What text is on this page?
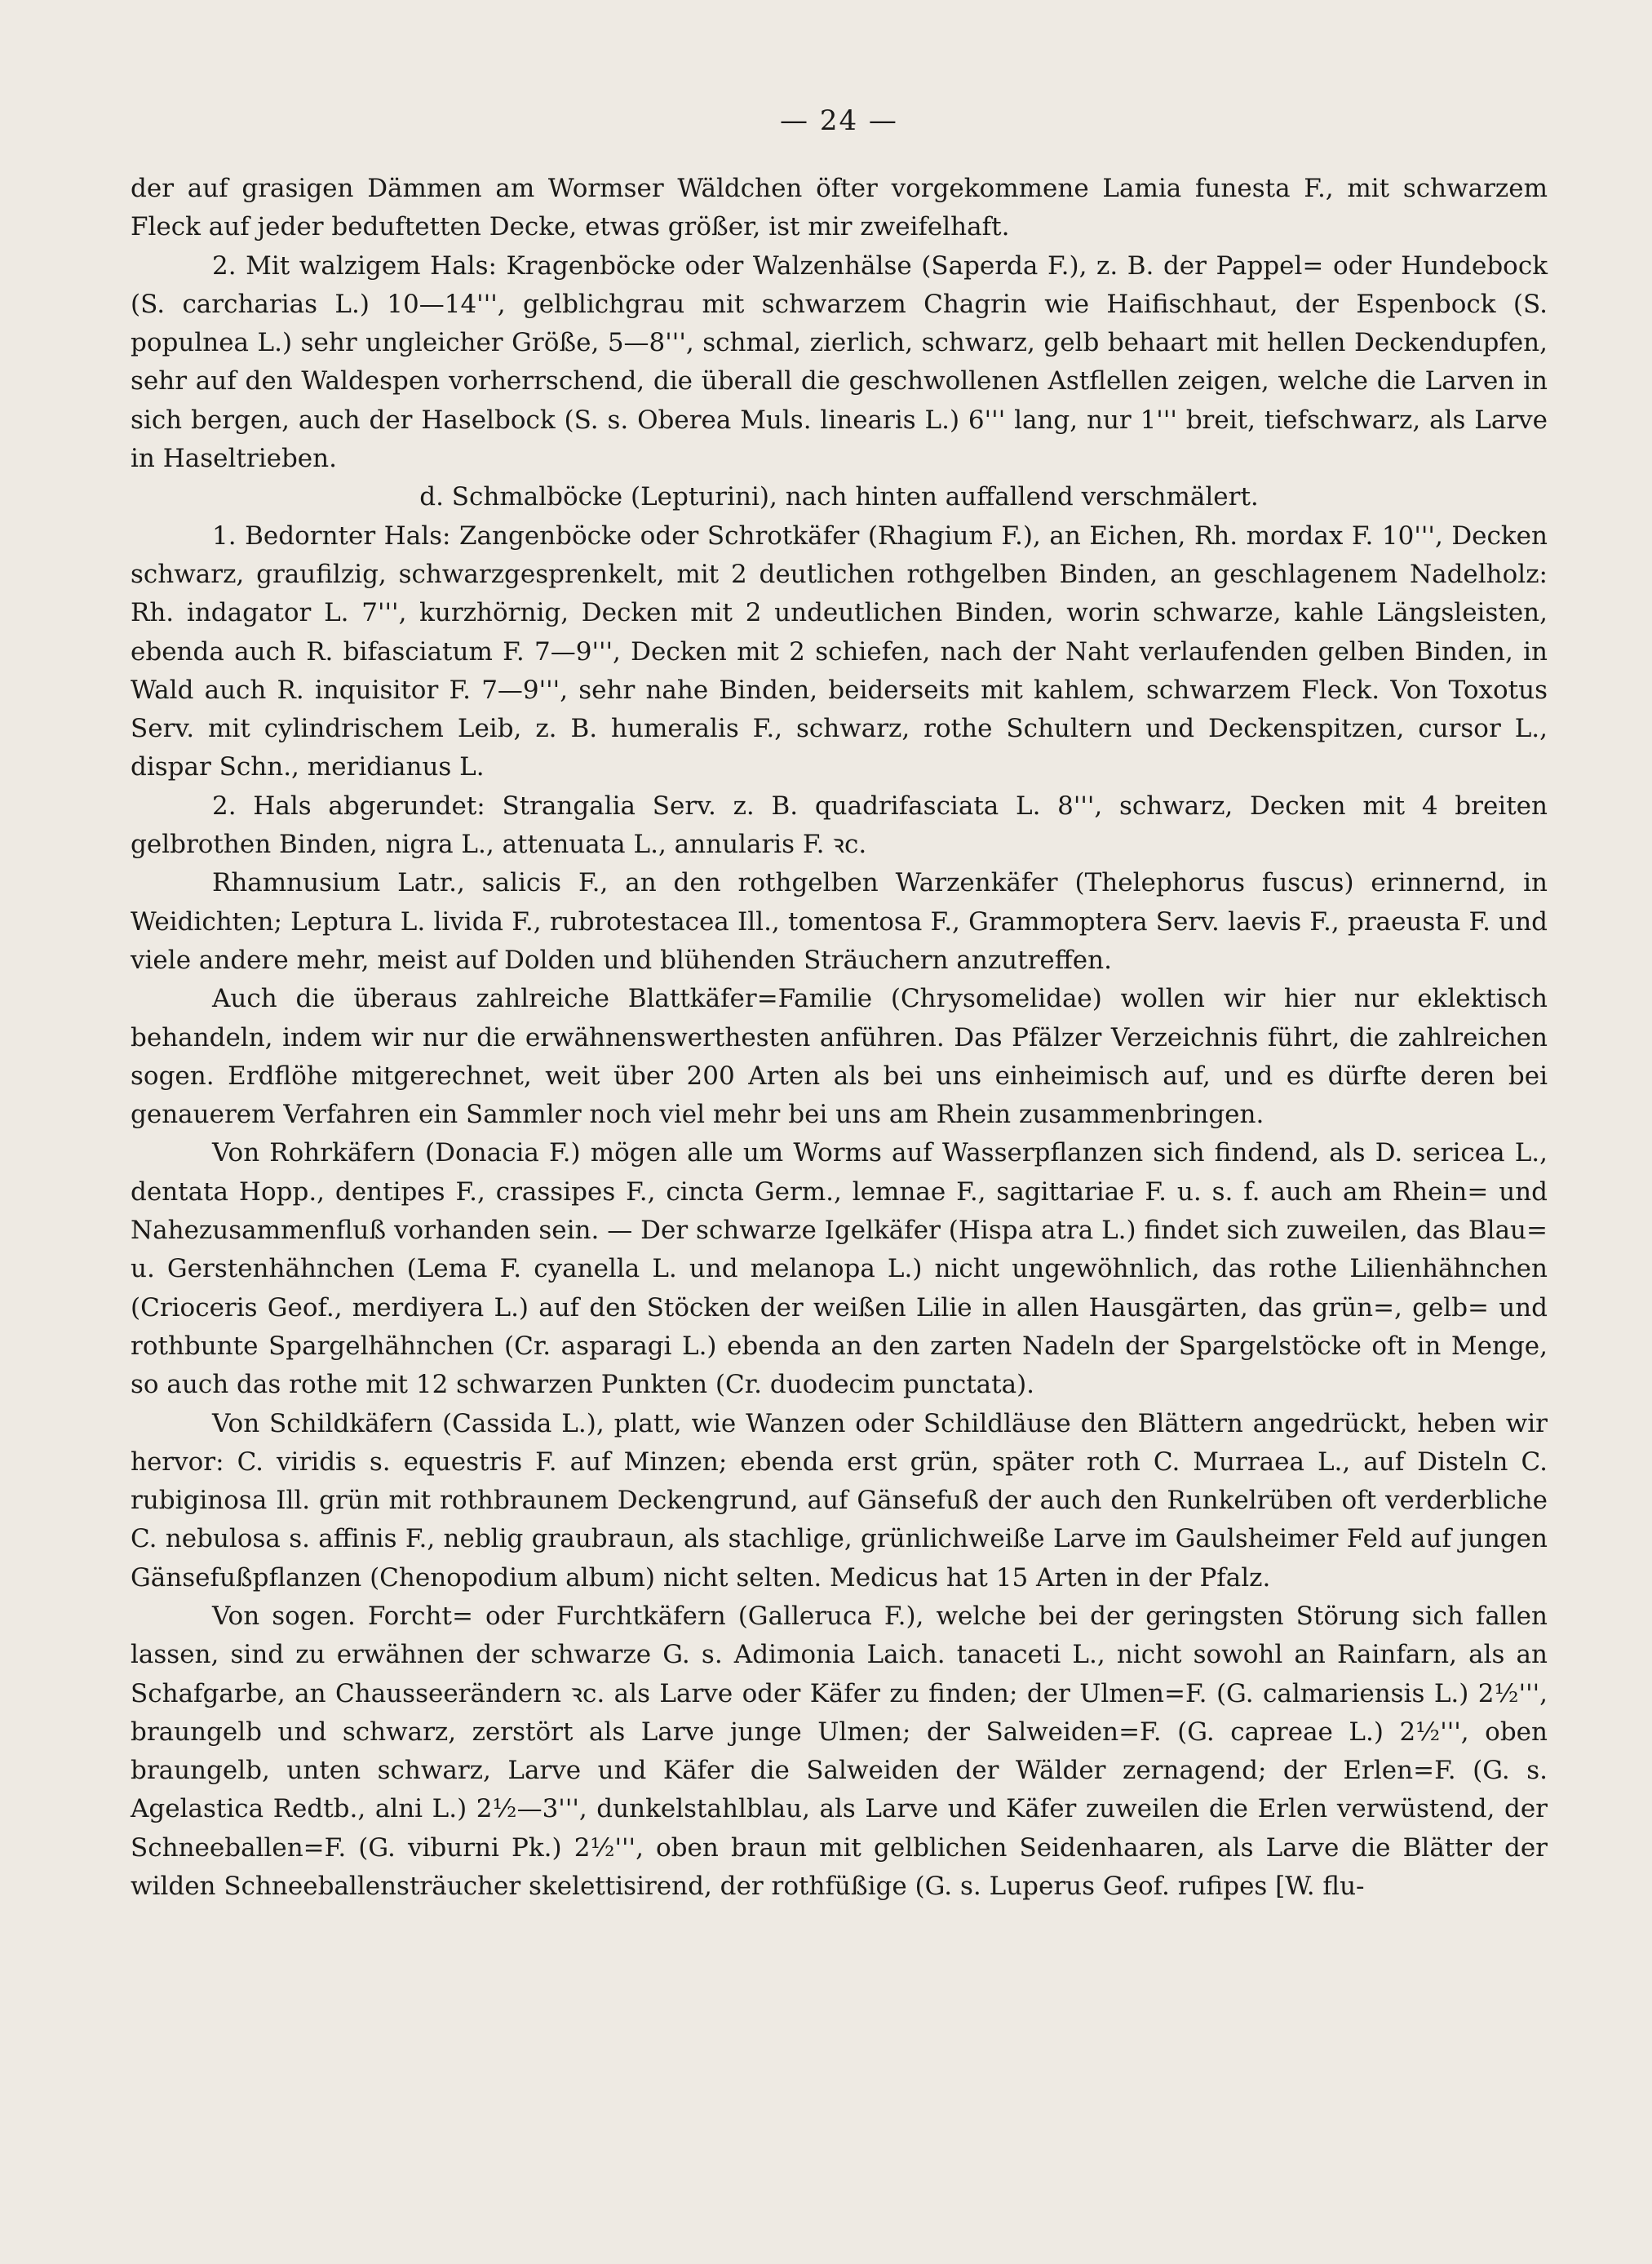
— 24 —

der auf grasigen Dämmen am Wormser Wäldchen öfter vorgekommene Lamia funesta F., mit schwarzem Fleck auf jeder beduftetten Decke, etwas größer, ist mir zweifelhaft.

2. Mit walzigem Hals: Kragenböcke oder Walzenhälse (Saperda F.), z. B. der Pappel= oder Hundebock (S. carcharias L.) 10—14''', gelblichgrau mit schwarzem Chagrin wie Haifischhaut, der Espenbock (S. populnea L.) sehr ungleicher Größe, 5—8''', schmal, zierlich, schwarz, gelb behaart mit hellen Deckendupfen, sehr auf den Waldespen vorherrschend, die überall die geschwollenen Astflellen zeigen, welche die Larven in sich bergen, auch der Haselbock (S. s. Oberea Muls. linearis L.) 6''' lang, nur 1''' breit, tiefschwarz, als Larve in Haseltrieben.

d. Schmalböcke (Lepturini), nach hinten auffallend verschmälert.

1. Bedornter Hals: Zangenböcke oder Schrotkäfer (Rhagium F.), an Eichen, Rh. mordax F. 10''', Decken schwarz, graufilzig, schwarzgesprenkelt, mit 2 deutlichen rothgelben Binden, an geschlagenem Nadelholz: Rh. indagator L. 7''', kurzhörnig, Decken mit 2 undeutlichen Binden, worin schwarze, kahle Längsleisten, ebenda auch R. bifasciatum F. 7—9''', Decken mit 2 schiefen, nach der Naht verlaufenden gelben Binden, in Wald auch R. inquisitor F. 7—9''', sehr nahe Binden, beiderseits mit kahlem, schwarzem Fleck. Von Toxotus Serv. mit cylindrischem Leib, z. B. humeralis F., schwarz, rothe Schultern und Deckenspitzen, cursor L., dispar Schn., meridianus L.

2. Hals abgerundet: Strangalia Serv. z. B. quadrifasciata L. 8''', schwarz, Decken mit 4 breiten gelbrothen Binden, nigra L., attenuata L., annularis F. ꝛc.

Rhamnusium Latr., salicis F., an den rothgelben Warzenkäfer (Thelephorus fuscus) erinnernd, in Weidichten; Leptura L. livida F., rubrotestacea Ill., tomentosa F., Grammoptera Serv. laevis F., praeusta F. und viele andere mehr, meist auf Dolden und blühenden Sträuchern anzutreffen.

Auch die überaus zahlreiche Blattkäfer=Familie (Chrysomelidae) wollen wir hier nur eklektisch behandeln, indem wir nur die erwähnenswerthesten anführen. Das Pfälzer Verzeichnis führt, die zahlreichen sogen. Erdflöhe mitgerechnet, weit über 200 Arten als bei uns einheimisch auf, und es dürfte deren bei genauerem Verfahren ein Sammler noch viel mehr bei uns am Rhein zusammenbringen.

Von Rohrkäfern (Donacia F.) mögen alle um Worms auf Wasserpflanzen sich findend, als D. sericea L., dentata Hopp., dentipes F., crassipes F., cincta Germ., lemnae F., sagittariae F. u. s. f. auch am Rhein= und Nahezusammenfluß vorhanden sein. — Der schwarze Igelkäfer (Hispa atra L.) findet sich zuweilen, das Blau= u. Gerstenhähnchen (Lema F. cyanella L. und melanopa L.) nicht ungewöhnlich, das rothe Lilienhähnchen (Crioceris Geof., merdiyera L.) auf den Stöcken der weißen Lilie in allen Hausgärten, das grün=, gelb= und rothbunte Spargelhähnchen (Cr. asparagi L.) ebenda an den zarten Nadeln der Spargelstöcke oft in Menge, so auch das rothe mit 12 schwarzen Punkten (Cr. duodecim punctata).

Von Schildkäfern (Cassida L.), platt, wie Wanzen oder Schildläuse den Blättern angedrückt, heben wir hervor: C. viridis s. equestris F. auf Minzen; ebenda erst grün, später roth C. Murraea L., auf Disteln C. rubiginosa Ill. grün mit rothbraunem Deckengrund, auf Gänsefuß der auch den Runkelrüben oft verderbliche C. nebulosa s. affinis F., neblig graubraun, als stachlige, grünlichweiße Larve im Gaulsheimer Feld auf jungen Gänsefußpflanzen (Chenopodium album) nicht selten. Medicus hat 15 Arten in der Pfalz.

Von sogen. Forcht= oder Furchtkäfern (Galleruca F.), welche bei der geringsten Störung sich fallen lassen, sind zu erwähnen der schwarze G. s. Adimonia Laich. tanaceti L., nicht sowohl an Rainfarn, als an Schafgarbe, an Chausseerändern ꝛc. als Larve oder Käfer zu finden; der Ulmen=F. (G. calmariensis L.) 2½''', braungelb und schwarz, zerstört als Larve junge Ulmen; der Salweiden=F. (G. capreae L.) 2½''', oben braungelb, unten schwarz, Larve und Käfer die Salweiden der Wälder zernagend; der Erlen=F. (G. s. Agelastica Redtb., alni L.) 2½—3''', dunkelstahlblau, als Larve und Käfer zuweilen die Erlen verwüstend, der Schneeballen=F. (G. viburni Pk.) 2½''', oben braun mit gelblichen Seidenhaaren, als Larve die Blätter der wilden Schneeballensträucher skelettisirend, der rothfüßige (G. s. Luperus Geof. rufipes [W. flu-
